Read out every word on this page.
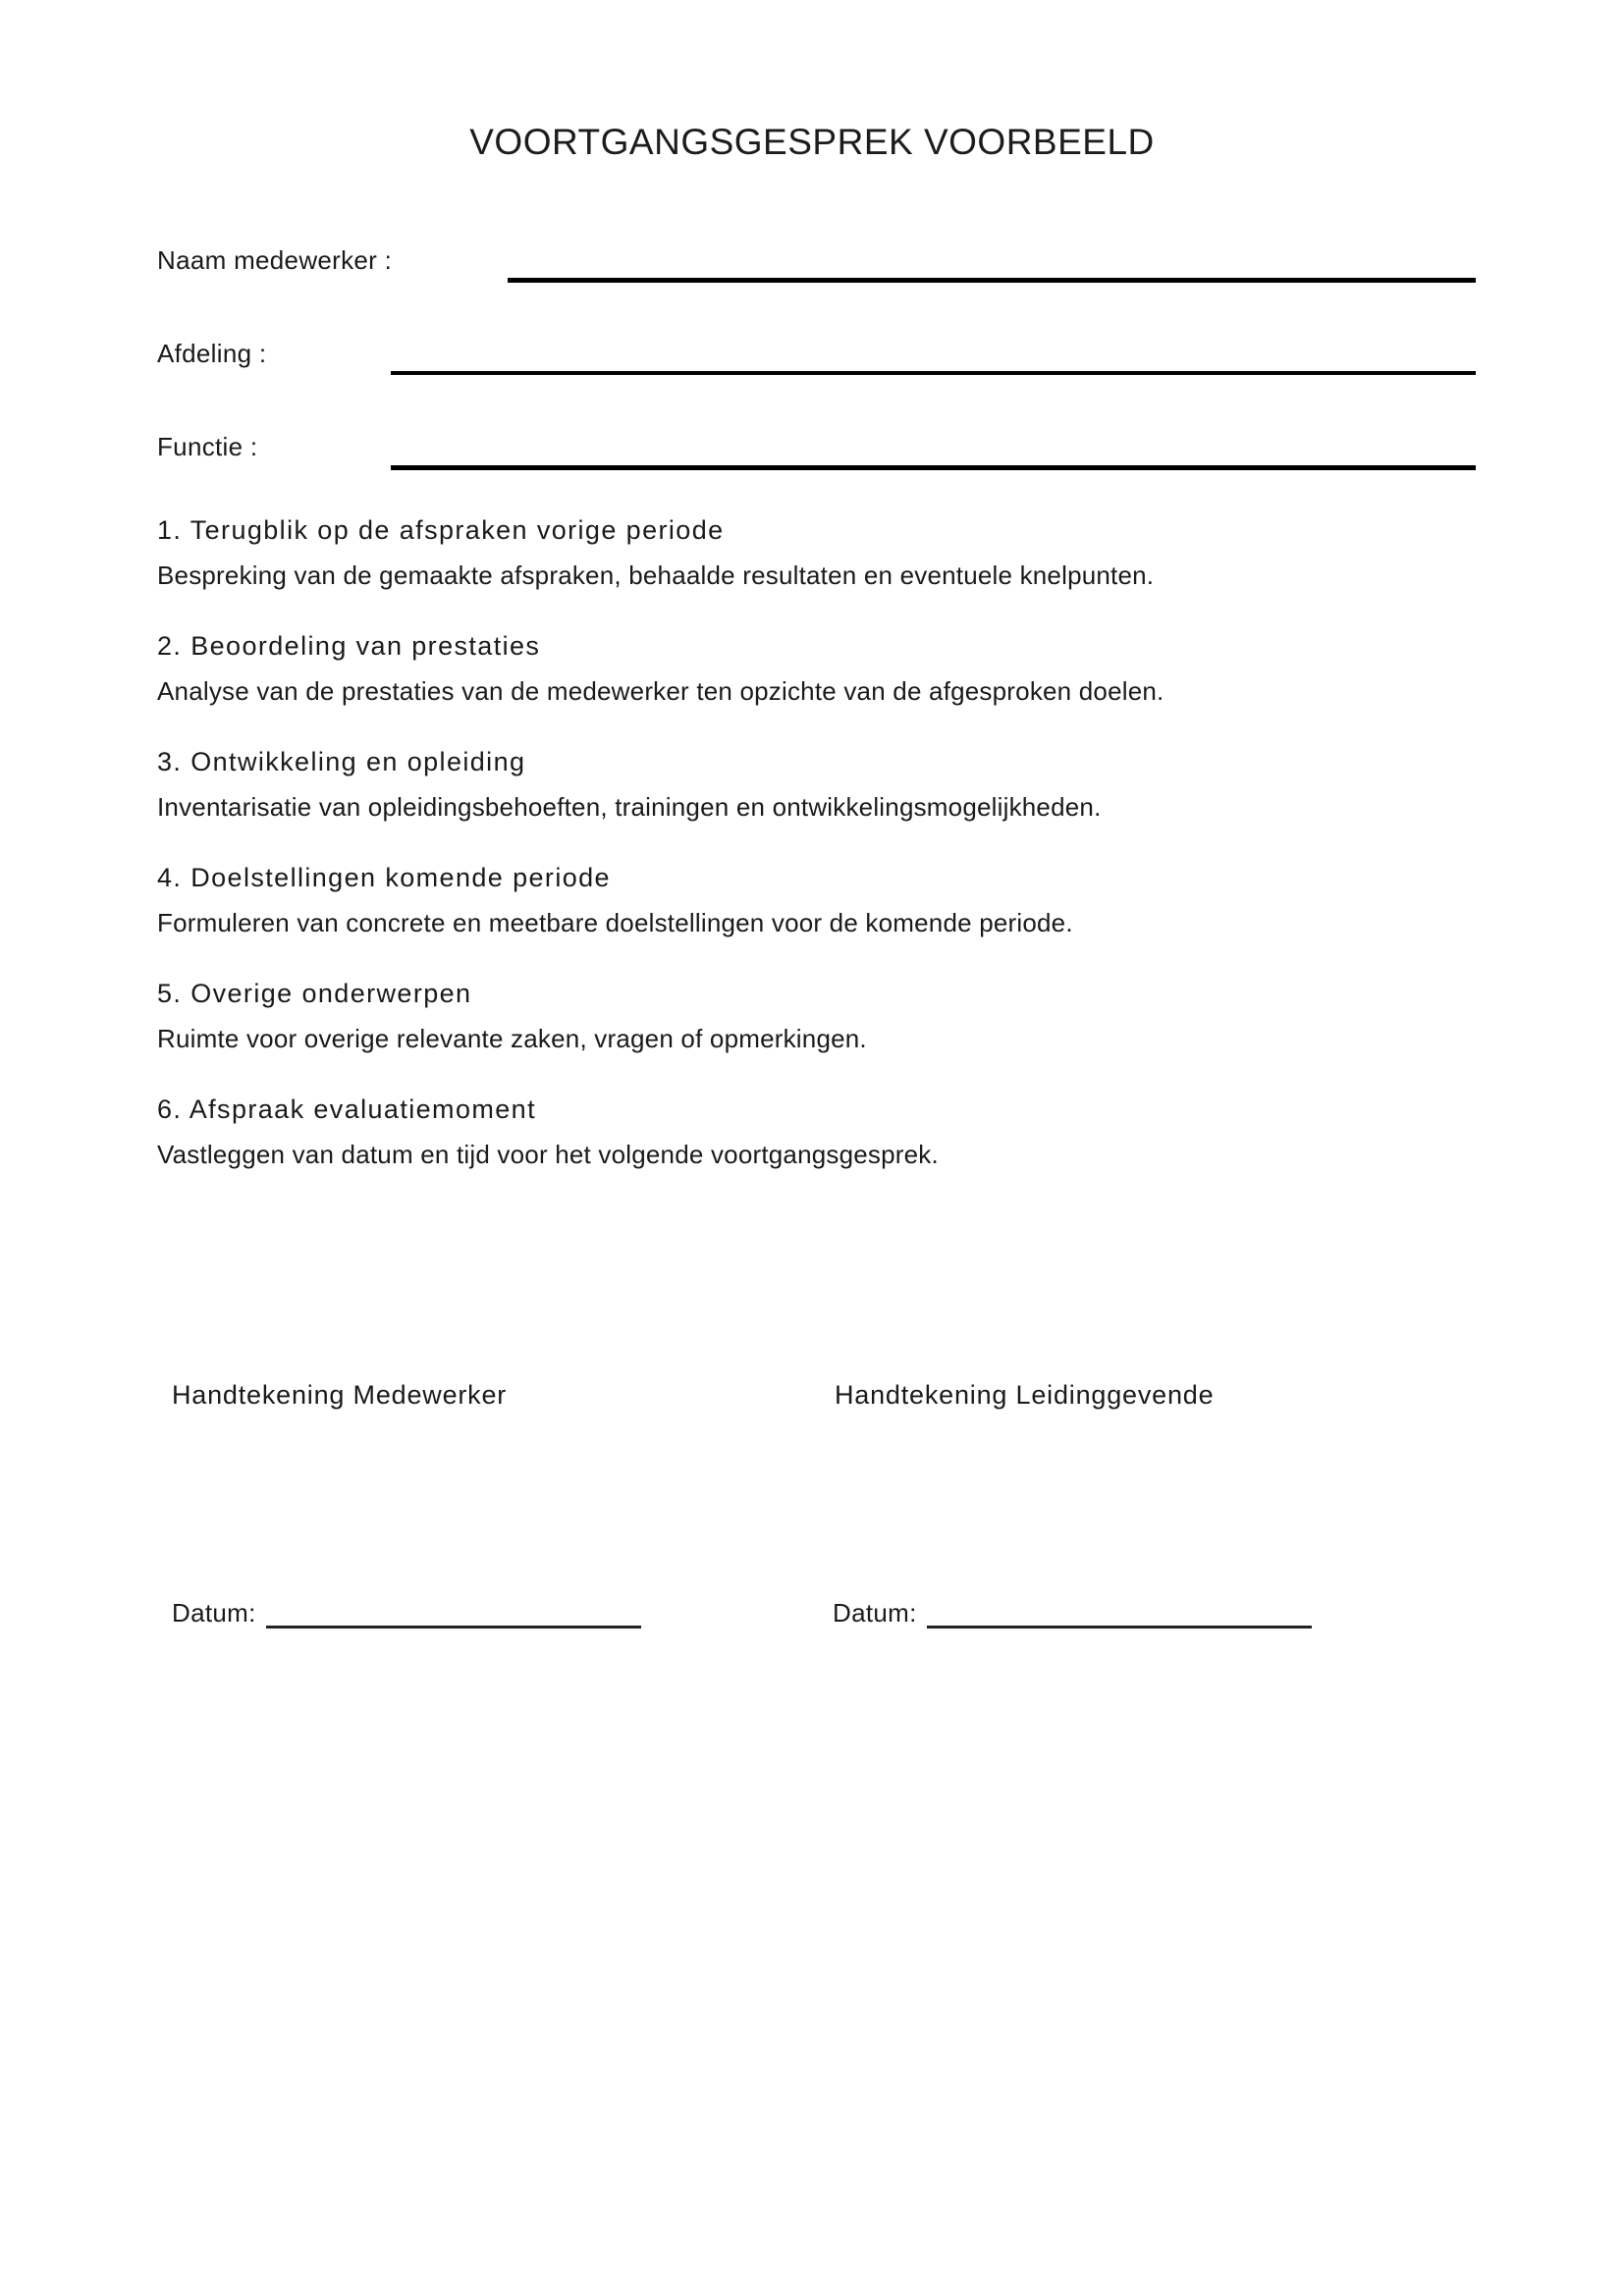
VOORTGANGSGESPREK VOORBEELD
Naam medewerker :
Afdeling :
Functie :
1. Terugblik op de afspraken vorige periode

Bespreking van de gemaakte afspraken, behaalde resultaten en eventuele knelpunten.

2. Beoordeling van prestaties

Analyse van de prestaties van de medewerker ten opzichte van de afgesproken doelen.

3. Ontwikkeling en opleiding

Inventarisatie van opleidingsbehoeften, trainingen en ontwikkelingsmogelijkheden.

4. Doelstellingen komende periode

Formuleren van concrete en meetbare doelstellingen voor de komende periode.

5. Overige onderwerpen

Ruimte voor overige relevante zaken, vragen of opmerkingen.

6. Afspraak evaluatiemoment

Vastleggen van datum en tijd voor het volgende voortgangsgesprek.

Handtekening Medewerker	Handtekening Leidinggevende
Datum:	Datum:
